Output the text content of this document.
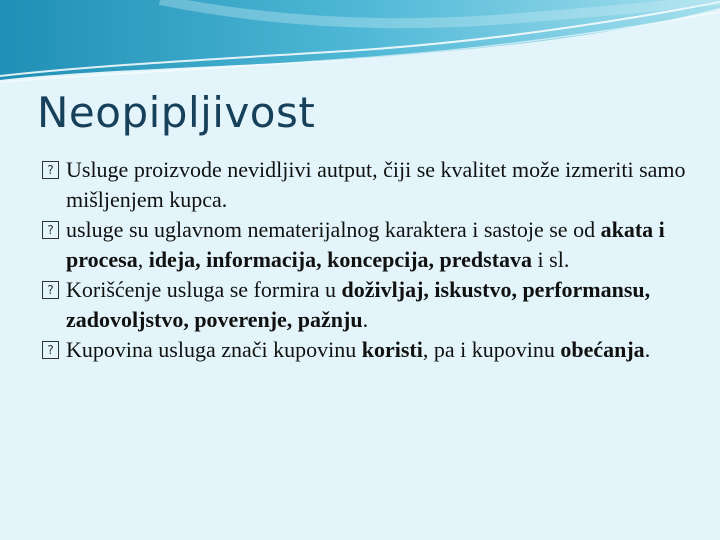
Neopipljivost
? Usluge proizvode nevidljivi autput, čiji se kvalitet može izmeriti samo mišljenjem kupca.
? usluge su uglavnom nematerijalnog karaktera i sastoje se od akata i procesa, ideja, informacija, koncepcija, predstava i sl.
? Korišćenje usluga se formira u doživljaj, iskustvo, performansu, zadovoljstvo, poverenje, pažnju.
? Kupovina usluga znači kupovinu koristi, pa i kupovinu obećanja.
